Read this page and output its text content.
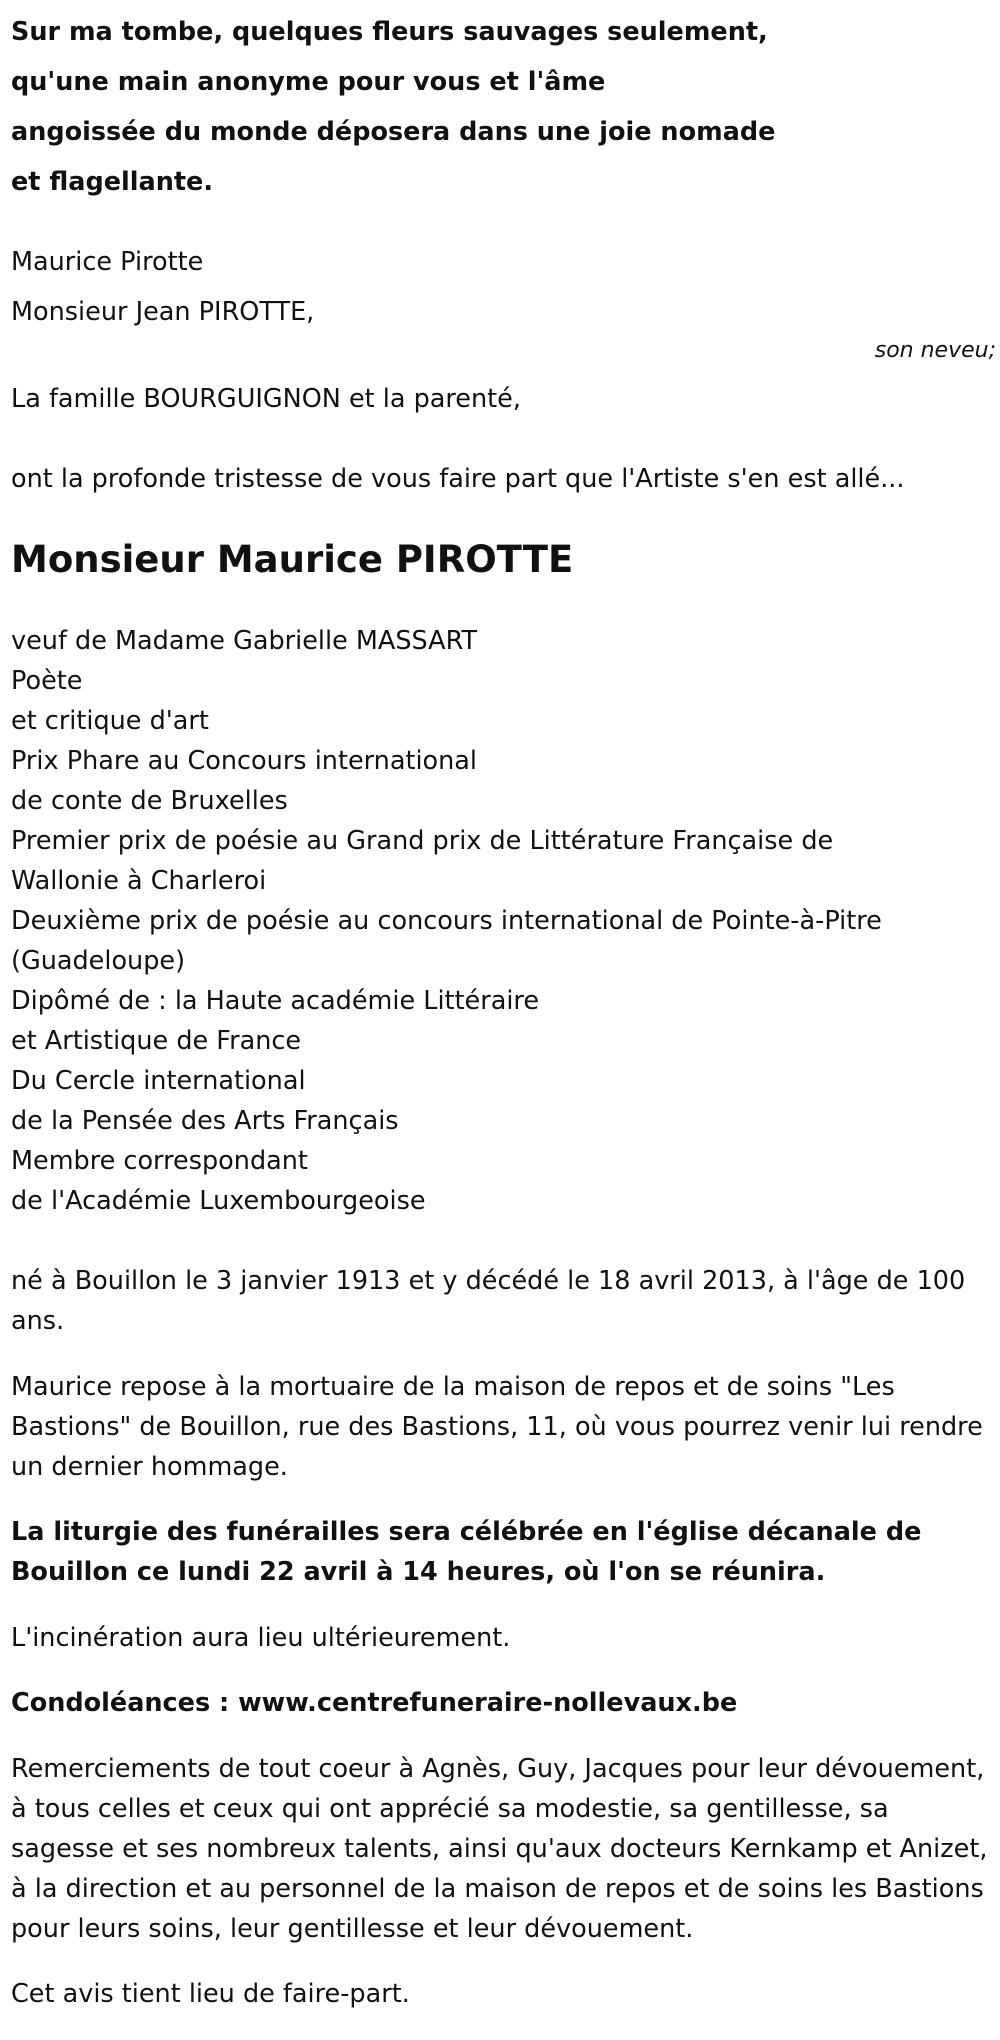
Sur ma tombe, quelques fleurs sauvages seulement,
qu'une main anonyme pour vous et l'âme
angoissée du monde déposera dans une joie nomade
et flagellante.
Maurice Pirotte
Monsieur Jean PIROTTE,
son neveu;
La famille BOURGUIGNON et la parenté,
ont la profonde tristesse de vous faire part que l'Artiste s'en est allé...
Monsieur Maurice PIROTTE
veuf de Madame Gabrielle MASSART
Poète
et critique d'art
Prix Phare au Concours international
de conte de Bruxelles
Premier prix de poésie au Grand prix de Littérature Française de
Wallonie à Charleroi
Deuxième prix de poésie au concours international de Pointe-à-Pitre
(Guadeloupe)
Dipômé de : la Haute académie Littéraire
et Artistique de France
Du Cercle international
de la Pensée des Arts Français
Membre correspondant
de l'Académie Luxembourgeoise

né à Bouillon le 3 janvier 1913 et y décédé le 18 avril 2013, à l'âge de 100 ans.

Maurice repose à la mortuaire de la maison de repos et de soins "Les Bastions" de Bouillon, rue des Bastions, 11, où vous pourrez venir lui rendre un dernier hommage.

La liturgie des funérailles sera célébrée en l'église décanale de Bouillon ce lundi 22 avril à 14 heures, où l'on se réunira.

L'incinération aura lieu ultérieurement.

Condoléances : www.centrefuneraire-nollevaux.be

Remerciements de tout coeur à Agnès, Guy, Jacques pour leur dévouement, à tous celles et ceux qui ont apprécié sa modestie, sa gentillesse, sa sagesse et ses nombreux talents, ainsi qu'aux docteurs Kernkamp et Anizet, à la direction et au personnel de la maison de repos et de soins les Bastions pour leurs soins, leur gentillesse et leur dévouement.

Cet avis tient lieu de faire-part.
